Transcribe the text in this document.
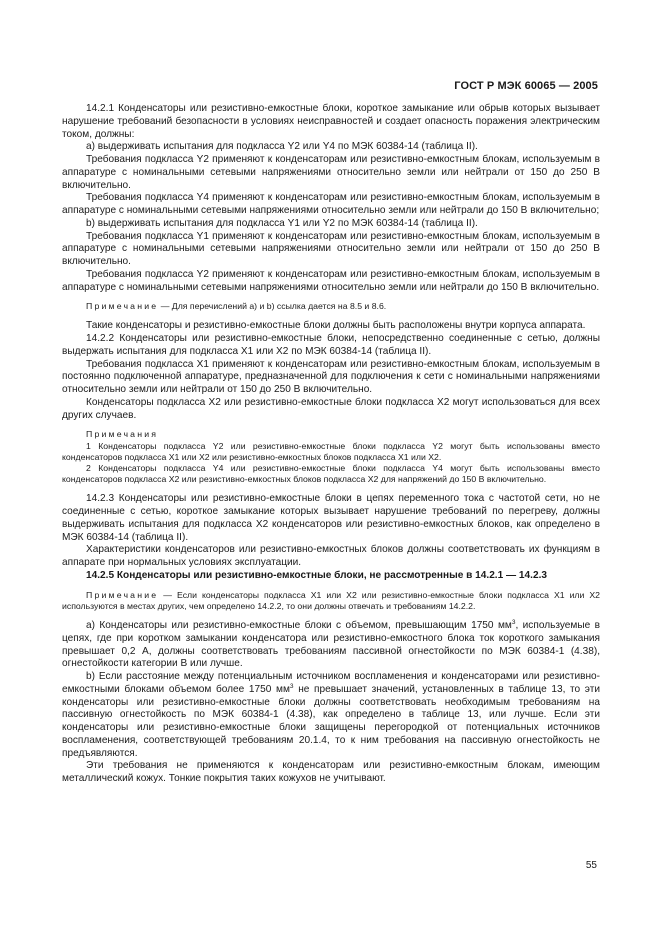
ГОСТ Р МЭК 60065 — 2005

14.2.1 Конденсаторы или резистивно-емкостные блоки, короткое замыкание или обрыв которых вызывает нарушение требований безопасности в условиях неисправностей и создает опасность поражения электрическим током, должны:

а) выдерживать испытания для подкласса Y2 или Y4 по МЭК 60384-14 (таблица II).

Требования подкласса Y2 применяют к конденсаторам или резистивно-емкостным блокам, используемым в аппаратуре с номинальными сетевыми напряжениями относительно земли или нейтрали от 150 до 250 В включительно.

Требования подкласса Y4 применяют к конденсаторам или резистивно-емкостным блокам, используемым в аппаратуре с номинальными сетевыми напряжениями относительно земли или нейтрали до 150 В включительно;

b) выдерживать испытания для подкласса Y1 или Y2 по МЭК 60384-14 (таблица II).

Требования подкласса Y1 применяют к конденсаторам или резистивно-емкостным блокам, используемым в аппаратуре с номинальными сетевыми напряжениями относительно земли или нейтрали от 150 до 250 В включительно.

Требования подкласса Y2 применяют к конденсаторам или резистивно-емкостным блокам, используемым в аппаратуре с номинальными сетевыми напряжениями относительно земли или нейтрали до 150 В включительно.

Примечание — Для перечислений а) и b) ссылка дается на 8.5 и 8.6.

Такие конденсаторы и резистивно-емкостные блоки должны быть расположены внутри корпуса аппарата.

14.2.2 Конденсаторы или резистивно-емкостные блоки, непосредственно соединенные с сетью, должны выдержать испытания для подкласса X1 или X2 по МЭК 60384-14 (таблица II).

Требования подкласса X1 применяют к конденсаторам или резистивно-емкостным блокам, используемым в постоянно подключенной аппаратуре, предназначенной для подключения к сети с номинальными напряжениями относительно земли или нейтрали от 150 до 250 В включительно.

Конденсаторы подкласса X2 или резистивно-емкостные блоки подкласса X2 могут использоваться для всех других случаев.

Примечания

1 Конденсаторы подкласса Y2 или резистивно-емкостные блоки подкласса Y2 могут быть использованы вместо конденсаторов подкласса X1 или X2 или резистивно-емкостных блоков подкласса X1 или X2.

2 Конденсаторы подкласса Y4 или резистивно-емкостные блоки подкласса Y4 могут быть использованы вместо конденсаторов подкласса X2 или резистивно-емкостных блоков подкласса X2 для напряжений до 150 В включительно.

14.2.3 Конденсаторы или резистивно-емкостные блоки в цепях переменного тока с частотой сети, но не соединенные с сетью, короткое замыкание которых вызывает нарушение требований по перегреву, должны выдерживать испытания для подкласса X2 конденсаторов или резистивно-емкостных блоков, как определено в МЭК 60384-14 (таблица II).

Характеристики конденсаторов или резистивно-емкостных блоков должны соответствовать их функциям в аппарате при нормальных условиях эксплуатации.

14.2.5 Конденсаторы или резистивно-емкостные блоки, не рассмотренные в 14.2.1 — 14.2.3

Примечание — Если конденсаторы подкласса X1 или X2 или резистивно-емкостные блоки подкласса X1 или X2 используются в местах других, чем определено 14.2.2, то они должны отвечать и требованиям 14.2.2.

а) Конденсаторы или резистивно-емкостные блоки с объемом, превышающим 1750 $мм^3$, используемые в цепях, где при коротком замыкании конденсатора или резистивно-емкостного блока ток короткого замыкания превышает 0,2 А, должны соответствовать требованиям пассивной огнестойкости по МЭК 60384-1 (4.38), огнестойкости категории В или лучше.

b) Если расстояние между потенциальным источником воспламенения и конденсаторами или резистивно-емкостными блоками объемом более 1750 $мм^3$ не превышает значений, установленных в таблице 13, то эти конденсаторы или резистивно-емкостные блоки должны соответствовать необходимым требованиям на пассивную огнестойкость по МЭК 60384-1 (4.38), как определено в таблице 13, или лучше. Если эти конденсаторы или резистивно-емкостные блоки защищены перегородкой от потенциальных источников воспламенения, соответствующей требованиям 20.1.4, то к ним требования на пассивную огнестойкость не предъявляются.

Эти требования не применяются к конденсаторам или резистивно-емкостным блокам, имеющим металлический кожух. Тонкие покрытия таких кожухов не учитывают.

55
